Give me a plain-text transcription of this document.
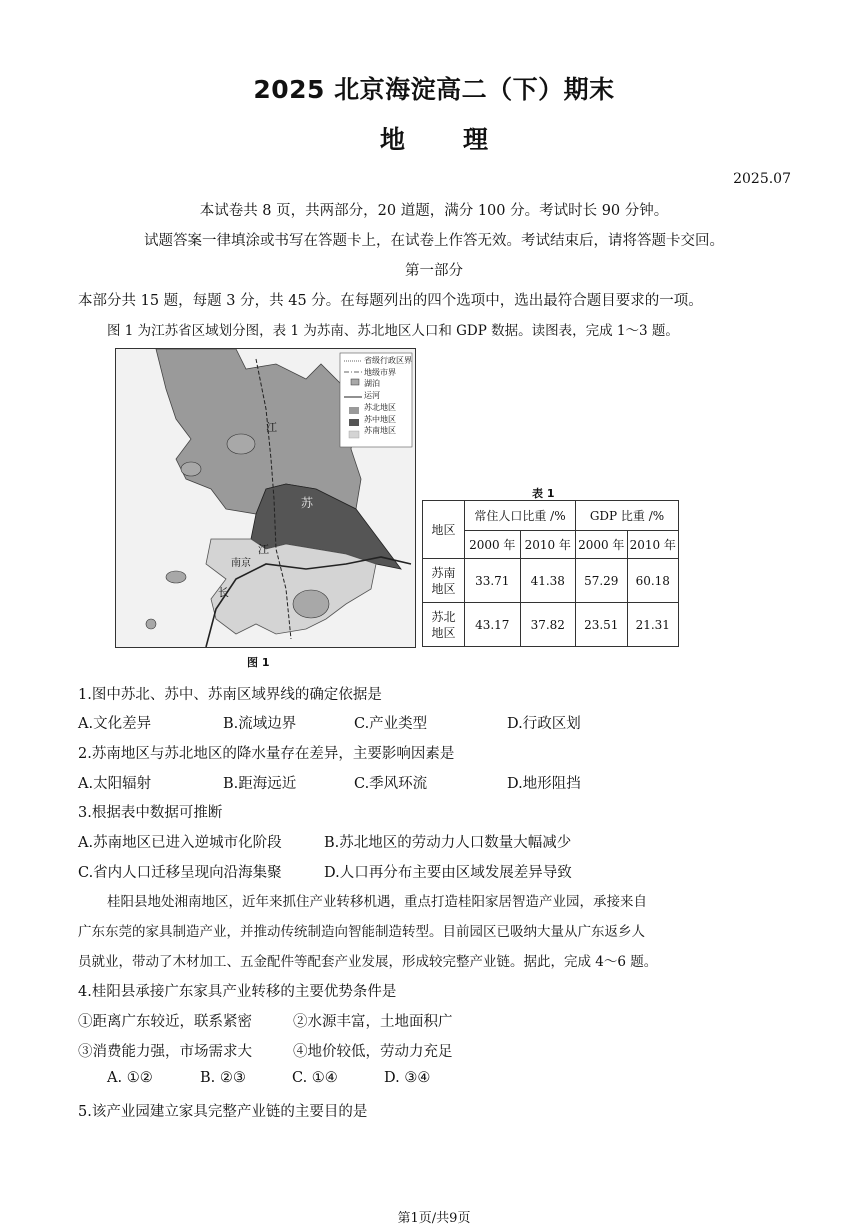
2025 北京海淀高二（下）期末
地理
2025.07
本试卷共 8 页，共两部分，20 道题，满分 100 分。考试时长 90 分钟。
试题答案一律填涂或书写在答题卡上，在试卷上作答无效。考试结束后，请将答题卡交回。
第一部分
本部分共 15 题，每题 3 分，共 45 分。在每题列出的四个选项中，选出最符合题目要求的一项。
图 1 为江苏省区域划分图，表 1 为苏南、苏北地区人口和 GDP 数据。读图表，完成 1～3 题。
省级行政区界
地级市界
湖泊
运河
苏北地区
苏中地区
苏南地区
江
苏
南京
江
长
图 1
表 1
地区	常住人口比重 /%		GDP 比重 /%	
	2000 年	2010 年	2000 年	2010 年
苏南地区	33.71	41.38	57.29	60.18
苏北地区	43.17	37.82	23.51	21.31
1.图中苏北、苏中、苏南区域界线的确定依据是
A.文化差异	B.流域边界	C.产业类型	D.行政区划
2.苏南地区与苏北地区的降水量存在差异，主要影响因素是
A.太阳辐射	B.距海远近	C.季风环流	D.地形阻挡
3.根据表中数据可推断
A.苏南地区已进入逆城市化阶段	B.苏北地区的劳动力人口数量大幅减少
C.省内人口迁移呈现向沿海集聚	D.人口再分布主要由区域发展差异导致
桂阳县地处湘南地区，近年来抓住产业转移机遇，重点打造桂阳家居智造产业园，承接来自
广东东莞的家具制造产业，并推动传统制造向智能制造转型。目前园区已吸纳大量从广东返乡人
员就业，带动了木材加工、五金配件等配套产业发展，形成较完整产业链。据此，完成 4～6 题。
4.桂阳县承接广东家具产业转移的主要优势条件是
①距离广东较近，联系紧密	②水源丰富，土地面积广
③消费能力强，市场需求大	④地价较低，劳动力充足
A. ①②	B. ②③	C. ①④	D. ③④
5.该产业园建立家具完整产业链的主要目的是
第1页/共9页
